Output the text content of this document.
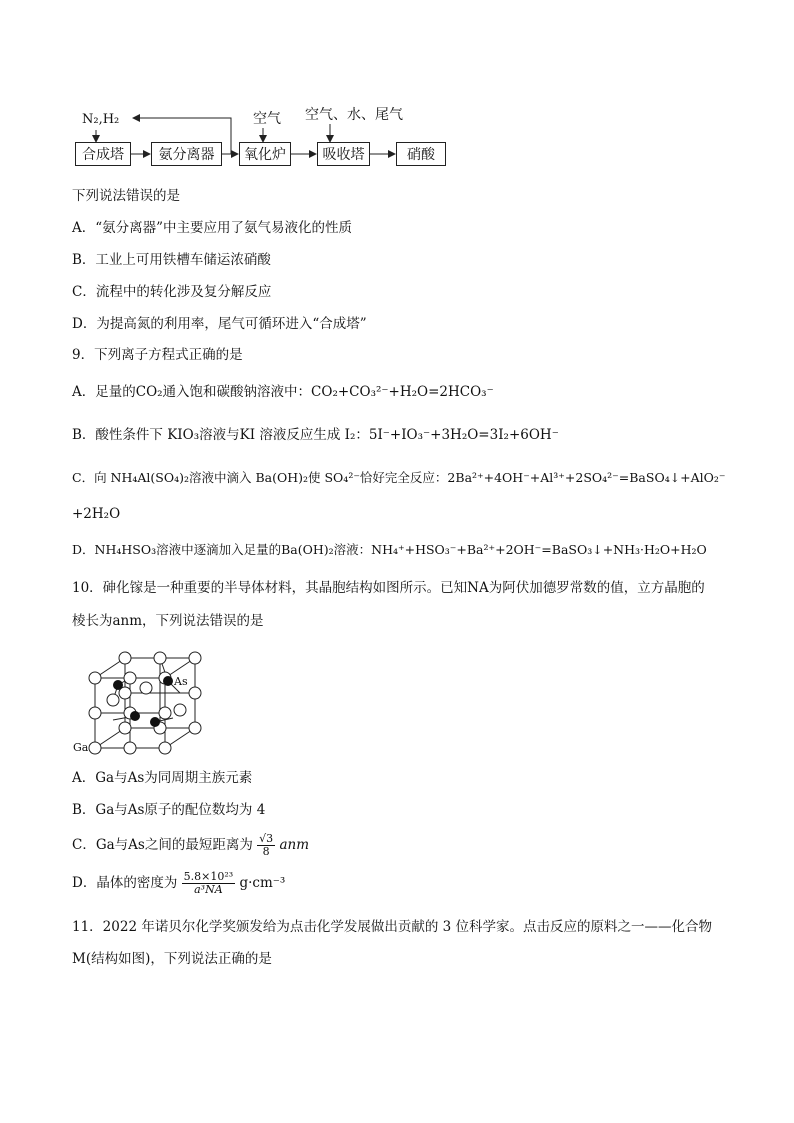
N₂,H₂	空气 空气、水、尾气
合成塔	氨分离器	氧化炉	吸收塔	硝酸
下列说法错误的是
A．“氨分离器”中主要应用了氨气易液化的性质
B．工业上可用铁槽车储运浓硝酸
C．流程中的转化涉及复分解反应
D．为提高氮的利用率，尾气可循环进入“合成塔”
9．下列离子方程式正确的是
A．足量的CO₂通入饱和碳酸钠溶液中：CO₂+CO₃²⁻+H₂O=2HCO₃⁻
B．酸性条件下 KIO₃溶液与KI 溶液反应生成 I₂：5I⁻+IO₃⁻+3H₂O=3I₂+6OH⁻
C．向 NH₄Al(SO₄)₂溶液中滴入 Ba(OH)₂使 SO₄²⁻恰好完全反应：2Ba²⁺+4OH⁻+Al³⁺+2SO₄²⁻=BaSO₄↓+AlO₂⁻
+2H₂O
D．NH₄HSO₃溶液中逐滴加入足量的Ba(OH)₂溶液：NH₄⁺+HSO₃⁻+Ba²⁺+2OH⁻=BaSO₃↓+NH₃·H₂O+H₂O
10．砷化镓是一种重要的半导体材料，其晶胞结构如图所示。已知NA为阿伏加德罗常数的值，立方晶胞的
棱长为anm，下列说法错误的是
As
Ga
A．Ga与As为同周期主族元素
B．Ga与As原子的配位数均为 4
C．Ga与As之间的最短距离为 $\frac{√3}{8}$ anm
D．晶体的密度为 $\frac{\text{5.8×10²³}}{\text{a³NA}} g\cdot cm^{-3}$
11．2022 年诺贝尔化学奖颁发给为点击化学发展做出贡献的 3 位科学家。点击反应的原料之一——化合物
M(结构如图)，下列说法正确的是
